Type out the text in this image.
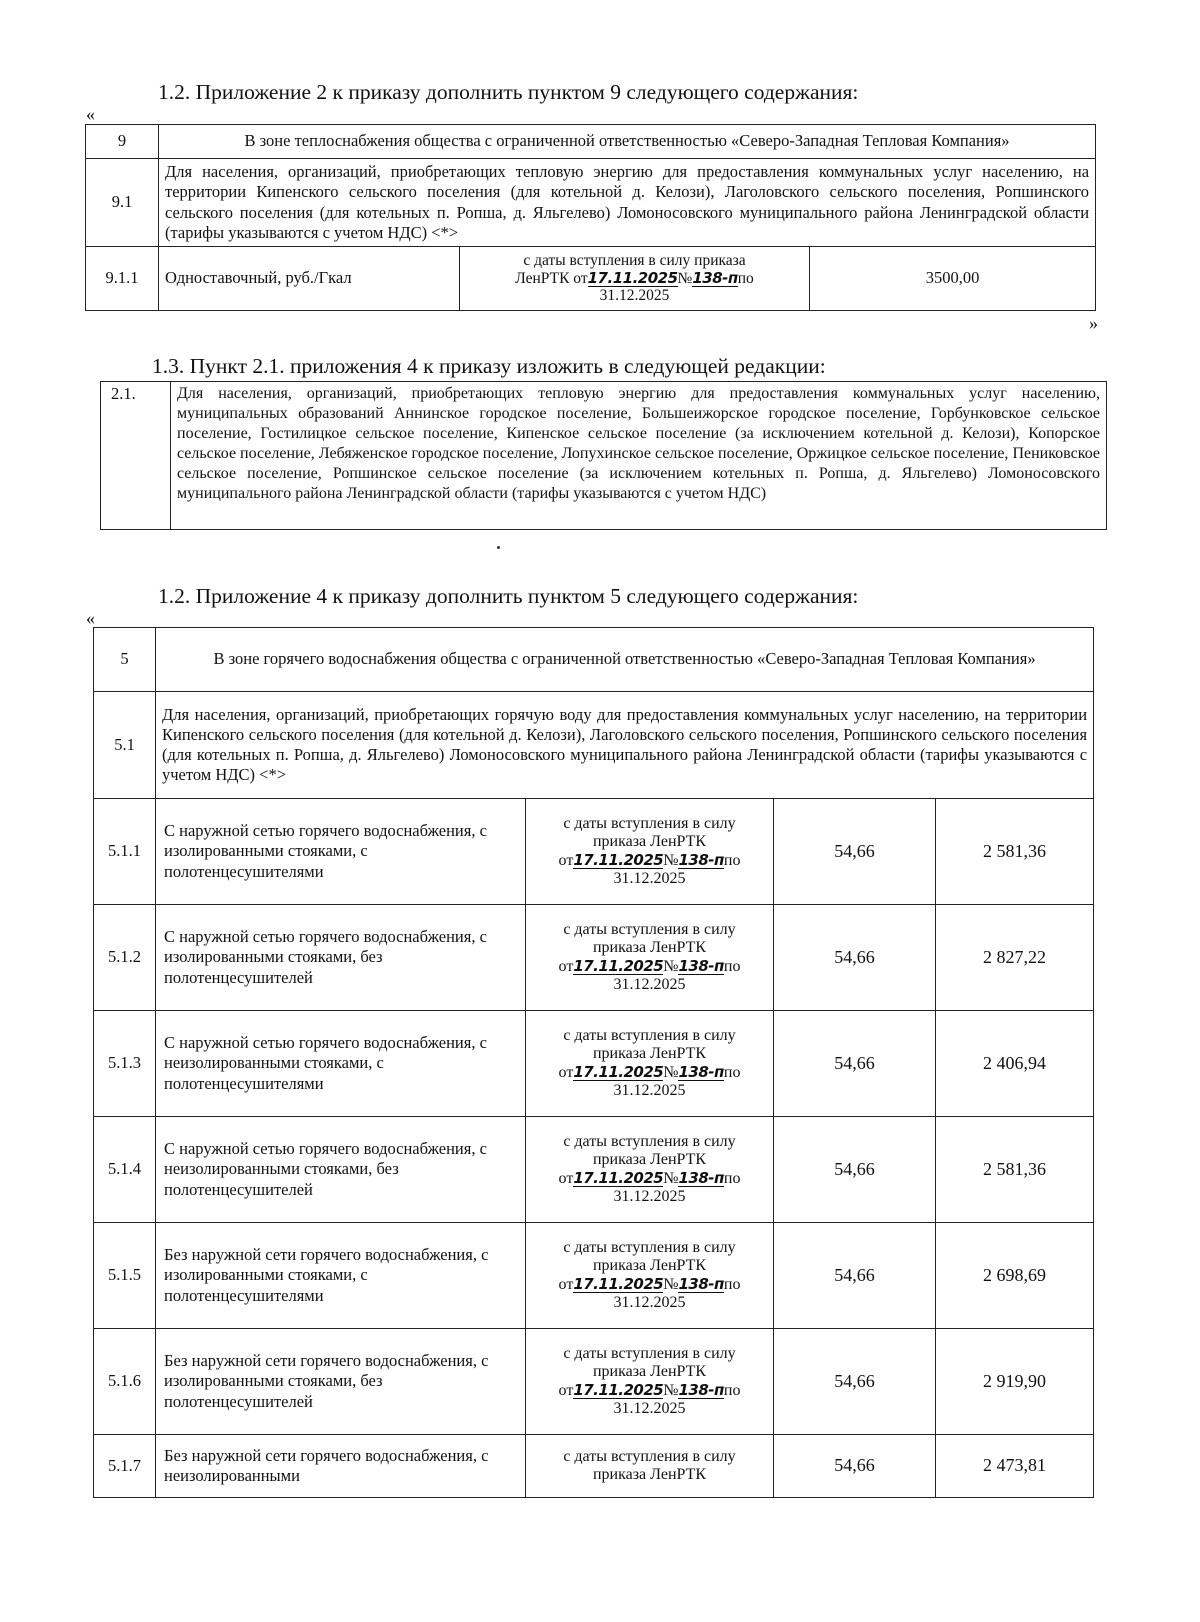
1.2. Приложение 2 к приказу дополнить пунктом 9 следующего содержания:
«
9	В зоне теплоснабжения общества с ограниченной ответственностью «Северо-Западная Тепловая Компания»		
9.1	Для населения, организаций, приобретающих тепловую энергию для предоставления коммунальных услуг населению, на территории Кипенского сельского поселения (для котельной д. Келози), Лаголовского сельского поселения, Ропшинского сельского поселения (для котельных п. Ропша, д. Яльгелево) Ломоносовского муниципального района Ленинградской области (тарифы указываются с учетом НДС) <*>		
9.1.1	Одноставочный, руб./Гкал	с даты вступления в силу приказа
ЛенРТК от17.11.2025№138-ппо
31.12.2025	3500,00
»
1.3. Пункт 2.1. приложения 4 к приказу изложить в следующей редакции:
2.1.	Для населения, организаций, приобретающих тепловую энергию для предоставления коммунальных услуг населению, муниципальных образований Аннинское городское поселение, Большеижорское городское поселение, Горбунковское сельское поселение, Гостилицкое сельское поселение, Кипенское сельское поселение (за исключением котельной д. Келози), Копорское сельское поселение, Лебяженское городское поселение, Лопухинское сельское поселение, Оржицкое сельское поселение, Пениковское сельское поселение, Ропшинское сельское поселение (за исключением котельных п. Ропша, д. Яльгелево) Ломоносовского муниципального района Ленинградской области (тарифы указываются с учетом НДС)
1.2. Приложение 4 к приказу дополнить пунктом 5 следующего содержания:
«
5	В зоне горячего водоснабжения общества с ограниченной ответственностью «Северо-Западная Тепловая Компания»			
5.1	Для населения, организаций, приобретающих горячую воду для предоставления коммунальных услуг населению, на территории Кипенского сельского поселения (для котельной д. Келози), Лаголовского сельского поселения, Ропшинского сельского поселения (для котельных п. Ропша, д. Яльгелево) Ломоносовского муниципального района Ленинградской области (тарифы указываются с учетом НДС) <*>			
5.1.1	С наружной сетью горячего водоснабжения, с изолированными стояками, с полотенцесушителями	с даты вступления в силу
приказа ЛенРТК
от17.11.2025№138-ппо
31.12.2025	54,66	2 581,36
5.1.2	С наружной сетью горячего водоснабжения, с изолированными стояками, без полотенцесушителей	с даты вступления в силу
приказа ЛенРТК
от17.11.2025№138-ппо
31.12.2025	54,66	2 827,22
5.1.3	С наружной сетью горячего водоснабжения, с неизолированными стояками, с полотенцесушителями	с даты вступления в силу
приказа ЛенРТК
от17.11.2025№138-ппо
31.12.2025	54,66	2 406,94
5.1.4	С наружной сетью горячего водоснабжения, с неизолированными стояками, без полотенцесушителей	с даты вступления в силу
приказа ЛенРТК
от17.11.2025№138-ппо
31.12.2025	54,66	2 581,36
5.1.5	Без наружной сети горячего водоснабжения, с изолированными стояками, с полотенцесушителями	с даты вступления в силу
приказа ЛенРТК
от17.11.2025№138-ппо
31.12.2025	54,66	2 698,69
5.1.6	Без наружной сети горячего водоснабжения, с изолированными стояками, без полотенцесушителей	с даты вступления в силу
приказа ЛенРТК
от17.11.2025№138-ппо
31.12.2025	54,66	2 919,90
5.1.7	Без наружной сети горячего водоснабжения, с неизолированными	с даты вступления в силу
приказа ЛенРТК	54,66	2 473,81
